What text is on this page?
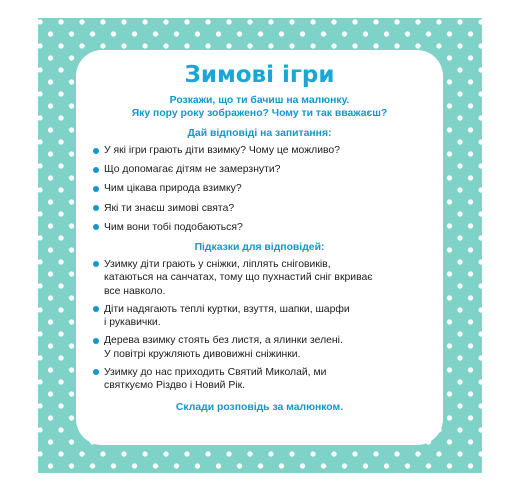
Зимові ігри
Розкажи, що ти бачиш на малюнку.
Яку пору року зображено? Чому ти так вважаєш?
Дай відповіді на запитання:
У які ігри грають діти взимку? Чому це можливо?
Що допомагає дітям не замерзнути?
Чим цікава природа взимку?
Які ти знаєш зимові свята?
Чим вони тобі подобаються?
Підказки для відповідей:
Узимку діти грають у сніжки, ліплять сніговиків,
катаються на санчатах, тому що пухнастий сніг вкриває
все навколо.
Діти надягають теплі куртки, взуття, шапки, шарфи
і рукавички.
Дерева взимку стоять без листя, а ялинки зелені.
У повітрі кружляють дивовижні сніжинки.
Узимку до нас приходить Святий Миколай, ми
святкуємо Різдво і Новий Рік.
Склади розповідь за малюнком.
